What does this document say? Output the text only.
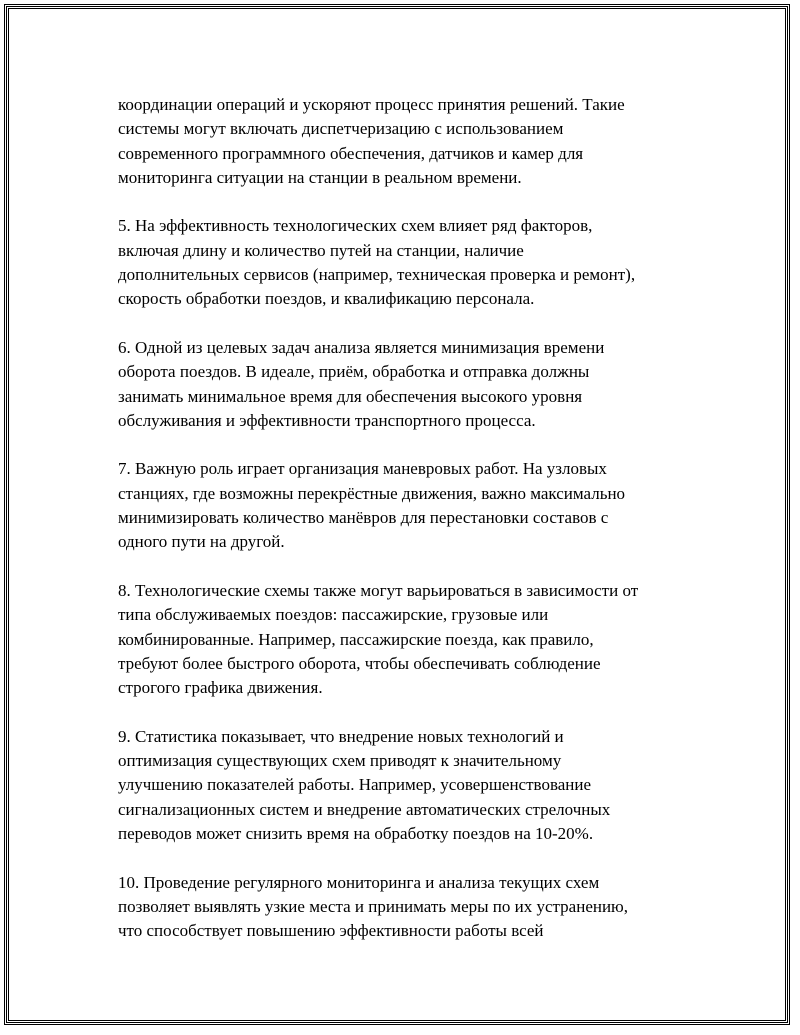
координации операций и ускоряют процесс принятия решений. Такие
системы могут включать диспетчеризацию с использованием
современного программного обеспечения, датчиков и камер для
мониторинга ситуации на станции в реальном времени.

5. На эффективность технологических схем влияет ряд факторов,
включая длину и количество путей на станции, наличие
дополнительных сервисов (например, техническая проверка и ремонт),
скорость обработки поездов, и квалификацию персонала.

6. Одной из целевых задач анализа является минимизация времени
оборота поездов. В идеале, приём, обработка и отправка должны
занимать минимальное время для обеспечения высокого уровня
обслуживания и эффективности транспортного процесса.

7. Важную роль играет организация маневровых работ. На узловых
станциях, где возможны перекрёстные движения, важно максимально
минимизировать количество манёвров для перестановки составов с
одного пути на другой.

8. Технологические схемы также могут варьироваться в зависимости от
типа обслуживаемых поездов: пассажирские, грузовые или
комбинированные. Например, пассажирские поезда, как правило,
требуют более быстрого оборота, чтобы обеспечивать соблюдение
строгого графика движения.

9. Статистика показывает, что внедрение новых технологий и
оптимизация существующих схем приводят к значительному
улучшению показателей работы. Например, усовершенствование
сигнализационных систем и внедрение автоматических стрелочных
переводов может снизить время на обработку поездов на 10-20%.

10. Проведение регулярного мониторинга и анализа текущих схем
позволяет выявлять узкие места и принимать меры по их устранению,
что способствует повышению эффективности работы всей
